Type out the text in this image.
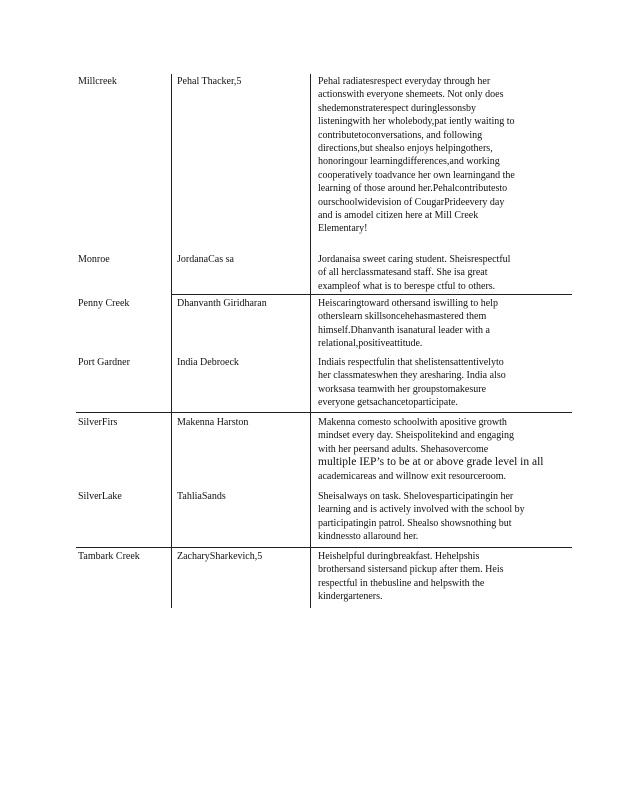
Millcreek	Pehal Thacker,5	Pehal radiatesrespect everyday through her
actionswith everyone shemeets. Not only does
shedemonstraterespect duringlessonsby
listeningwith her wholebody,pat iently waiting to
contributetoconversations, and following
directions,but shealso enjoys helpingothers,
honoringour learningdifferences,and working
cooperatively toadvance her own learningand the
learning of those around her.Pehalcontributesto
ourschoolwidevision of CougarPrideevery day
and is amodel citizen here at Mill Creek
Elementary!
Monroe	JordanaCas sa	Jordanaisa sweet caring student. Sheisrespectful
of all herclassmatesand staff. She isa great
exampleof what is to berespe ctful to others.
Penny Creek	Dhanvanth Giridharan	Heiscaringtoward othersand iswilling to help
otherslearn skillsoncehehasmastered them
himself.Dhanvanth isanatural leader with a
relational,positiveattitude.
Port Gardner	India Debroeck	Indiais respectfulin that shelistensattentivelyto
her classmateswhen they aresharing. India also
worksasa teamwith her groupstomakesure
everyone getsachancetoparticipate.
SilverFirs	Makenna Harston	Makenna comesto schoolwith apositive growth
mindset every day. Sheispolitekind and engaging
with her peersand adults. Shehasovercome
multiple IEP’s to be at or above grade level in all
academicareas and willnow exit resourceroom.
SilverLake	TahliaSands	Sheisalways on task. Shelovesparticipatingin her
learning and is actively involved with the school by
participatingin patrol. Shealso showsnothing but
kindnessto allaround her.
Tambark Creek	ZacharySharkevich,5	Heishelpful duringbreakfast. Hehelpshis
brothersand sistersand pickup after them. Heis
respectful in thebusline and helpswith the
kindergarteners.
